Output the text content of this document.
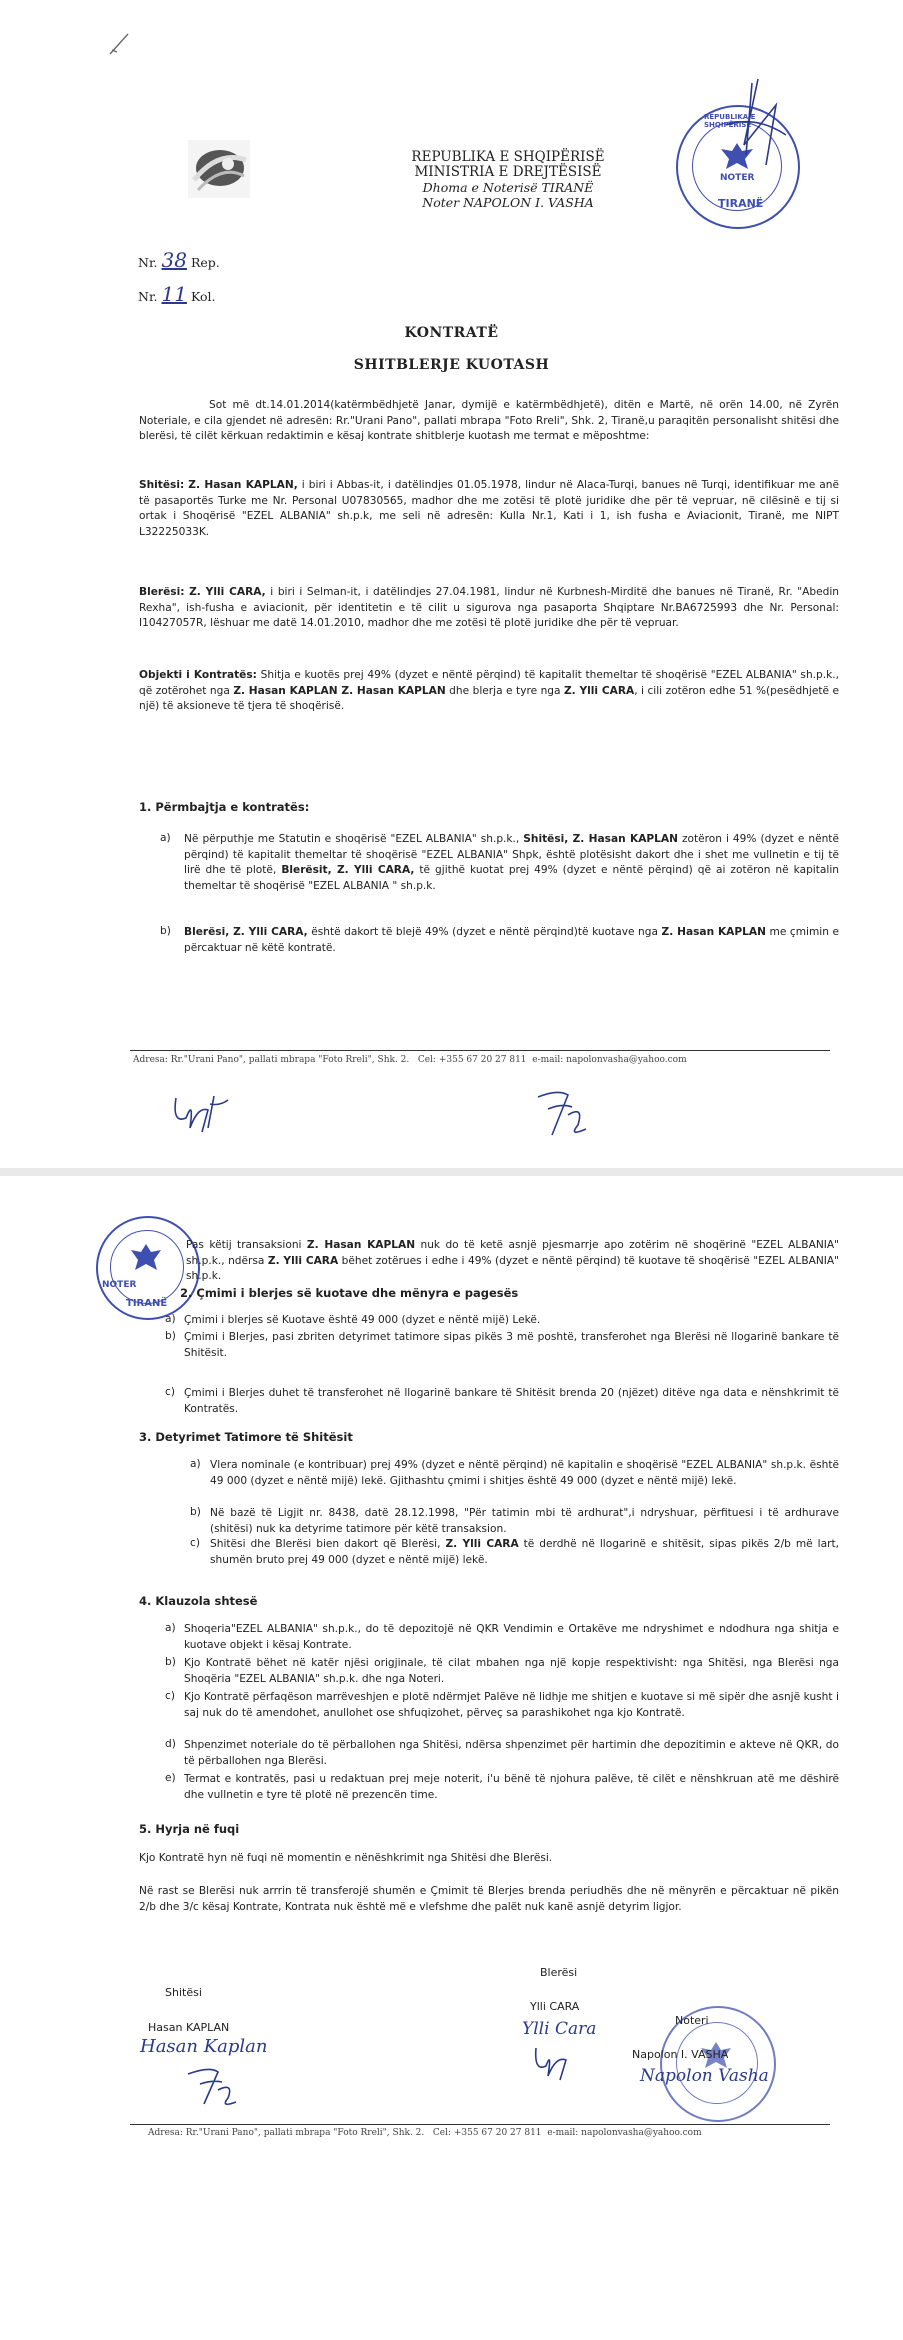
REPUBLIKA E SHQIPËRISË
MINISTRIA E DREJTËSISË
Dhoma e Noterisë TIRANË
Noter NAPOLON I. VASHA
REPUBLIKA E SHQIPËRISË
NOTER
TIRANË
Nr. 38 Rep.
Nr. 11 Kol.
KONTRATË
SHITBLERJE KUOTASH
Sot më dt.14.01.2014(katërmbëdhjetë Janar, dymijë e katërmbëdhjetë), ditën e Martë, në orën 14.00, në Zyrën Noteriale, e cila gjendet në adresën: Rr."Urani Pano", pallati mbrapa "Foto Rreli", Shk. 2, Tiranë,u paraqitën personalisht shitësi dhe blerësi, të cilët kërkuan redaktimin e kësaj kontrate shitblerje kuotash me termat e mëposhtme:
Shitësi: Z. Hasan KAPLAN, i biri i Abbas-it, i datëlindjes 01.05.1978, lindur në Alaca-Turqi, banues në Turqi, identifikuar me anë të pasaportës Turke me Nr. Personal U07830565, madhor dhe me zotësi të plotë juridike dhe për të vepruar, në cilësinë e tij si ortak i Shoqërisë "EZEL ALBANIA" sh.p.k, me seli në adresën: Kulla Nr.1, Kati i 1, ish fusha e Aviacionit, Tiranë, me NIPT L32225033K.
Blerësi: Z. Ylli CARA, i biri i Selman-it, i datëlindjes 27.04.1981, lindur në Kurbnesh-Mirditë dhe banues në Tiranë, Rr. "Abedin Rexha", ish-fusha e aviacionit, për identitetin e të cilit u sigurova nga pasaporta Shqiptare Nr.BA6725993 dhe Nr. Personal: I10427057R, lëshuar me datë 14.01.2010, madhor dhe me zotësi të plotë juridike dhe për të vepruar.
Objekti i Kontratës: Shitja e kuotës prej 49% (dyzet e nëntë përqind) të kapitalit themeltar të shoqërisë "EZEL ALBANIA" sh.p.k., që zotërohet nga Z. Hasan KAPLAN Z. Hasan KAPLAN dhe blerja e tyre nga Z. Ylli CARA, i cili zotëron edhe 51 %(pesëdhjetë e një) të aksioneve të tjera të shoqërisë.
1. Përmbajtja e kontratës:
a) Në përputhje me Statutin e shoqërisë "EZEL ALBANIA" sh.p.k., Shitësi, Z. Hasan KAPLAN zotëron i 49% (dyzet e nëntë përqind) të kapitalit themeltar të shoqërisë "EZEL ALBANIA" Shpk, është plotësisht dakort dhe i shet me vullnetin e tij të lirë dhe të plotë, Blerësit, Z. Ylli CARA, të gjithë kuotat prej 49% (dyzet e nëntë përqind) që ai zotëron në kapitalin themeltar të shoqërisë "EZEL ALBANIA " sh.p.k.
b) Blerësi, Z. Ylli CARA, është dakort të blejë 49% (dyzet e nëntë përqind)të kuotave nga Z. Hasan KAPLAN me çmimin e përcaktuar në këtë kontratë.
Adresa: Rr."Urani Pano", pallati mbrapa "Foto Rreli", Shk. 2. Cel: +355 67 20 27 811 e-mail: napolonvasha@yahoo.com
NOTER
TIRANË
Pas këtij transaksioni Z. Hasan KAPLAN nuk do të ketë asnjë pjesmarrje apo zotërim në shoqërinë "EZEL ALBANIA" sh.p.k., ndërsa Z. Ylli CARA bëhet zotërues i edhe i 49% (dyzet e nëntë përqind) të kuotave të shoqërisë "EZEL ALBANIA" sh.p.k.
2. Çmimi i blerjes së kuotave dhe mënyra e pagesës
a) Çmimi i blerjes së Kuotave është 49 000 (dyzet e nëntë mijë) Lekë.
b) Çmimi i Blerjes, pasi zbriten detyrimet tatimore sipas pikës 3 më poshtë, transferohet nga Blerësi në llogarinë bankare të Shitësit.
c) Çmimi i Blerjes duhet të transferohet në llogarinë bankare të Shitësit brenda 20 (njëzet) ditëve nga data e nënshkrimit të Kontratës.
3. Detyrimet Tatimore të Shitësit
a) Vlera nominale (e kontribuar) prej 49% (dyzet e nëntë përqind) në kapitalin e shoqërisë "EZEL ALBANIA" sh.p.k. është 49 000 (dyzet e nëntë mijë) lekë. Gjithashtu çmimi i shitjes është 49 000 (dyzet e nëntë mijë) lekë.
b) Në bazë të Ligjit nr. 8438, datë 28.12.1998, "Për tatimin mbi të ardhurat",i ndryshuar, përfituesi i të ardhurave (shitësi) nuk ka detyrime tatimore për këtë transaksion.
c) Shitësi dhe Blerësi bien dakort që Blerësi, Z. Ylli CARA të derdhë në llogarinë e shitësit, sipas pikës 2/b më lart, shumën bruto prej 49 000 (dyzet e nëntë mijë) lekë.
4. Klauzola shtesë
a) Shoqeria"EZEL ALBANIA" sh.p.k., do të depozitojë në QKR Vendimin e Ortakëve me ndryshimet e ndodhura nga shitja e kuotave objekt i kësaj Kontrate.
b) Kjo Kontratë bëhet në katër njësi origjinale, të cilat mbahen nga një kopje respektivisht: nga Shitësi, nga Blerësi nga Shoqëria "EZEL ALBANIA" sh.p.k. dhe nga Noteri.
c) Kjo Kontratë përfaqëson marrëveshjen e plotë ndërmjet Palëve në lidhje me shitjen e kuotave si më sipër dhe asnjë kusht i saj nuk do të amendohet, anullohet ose shfuqizohet, përveç sa parashikohet nga kjo Kontratë.
d) Shpenzimet noteriale do të përballohen nga Shitësi, ndërsa shpenzimet për hartimin dhe depozitimin e akteve në QKR, do të përballohen nga Blerësi.
e) Termat e kontratës, pasi u redaktuan prej meje noterit, i'u bënë të njohura palëve, të cilët e nënshkruan atë me dëshirë dhe vullnetin e tyre të plotë në prezencën time.
5. Hyrja në fuqi
Kjo Kontratë hyn në fuqi në momentin e nënëshkrimit nga Shitësi dhe Blerësi.
Në rast se Blerësi nuk arrrin të transferojë shumën e Çmimit të Blerjes brenda periudhës dhe në mënyrën e përcaktuar në pikën 2/b dhe 3/c kësaj Kontrate, Kontrata nuk është më e vlefshme dhe palët nuk kanë asnjë detyrim ligjor.
Shitësi
Hasan KAPLAN
Hasan Kaplan
Blerësi
Ylli CARA
Ylli Cara	Noteri
Napolon I. VASHA
Napolon Vasha
Adresa: Rr."Urani Pano", pallati mbrapa "Foto Rreli", Shk. 2. Cel: +355 67 20 27 811 e-mail: napolonvasha@yahoo.com
